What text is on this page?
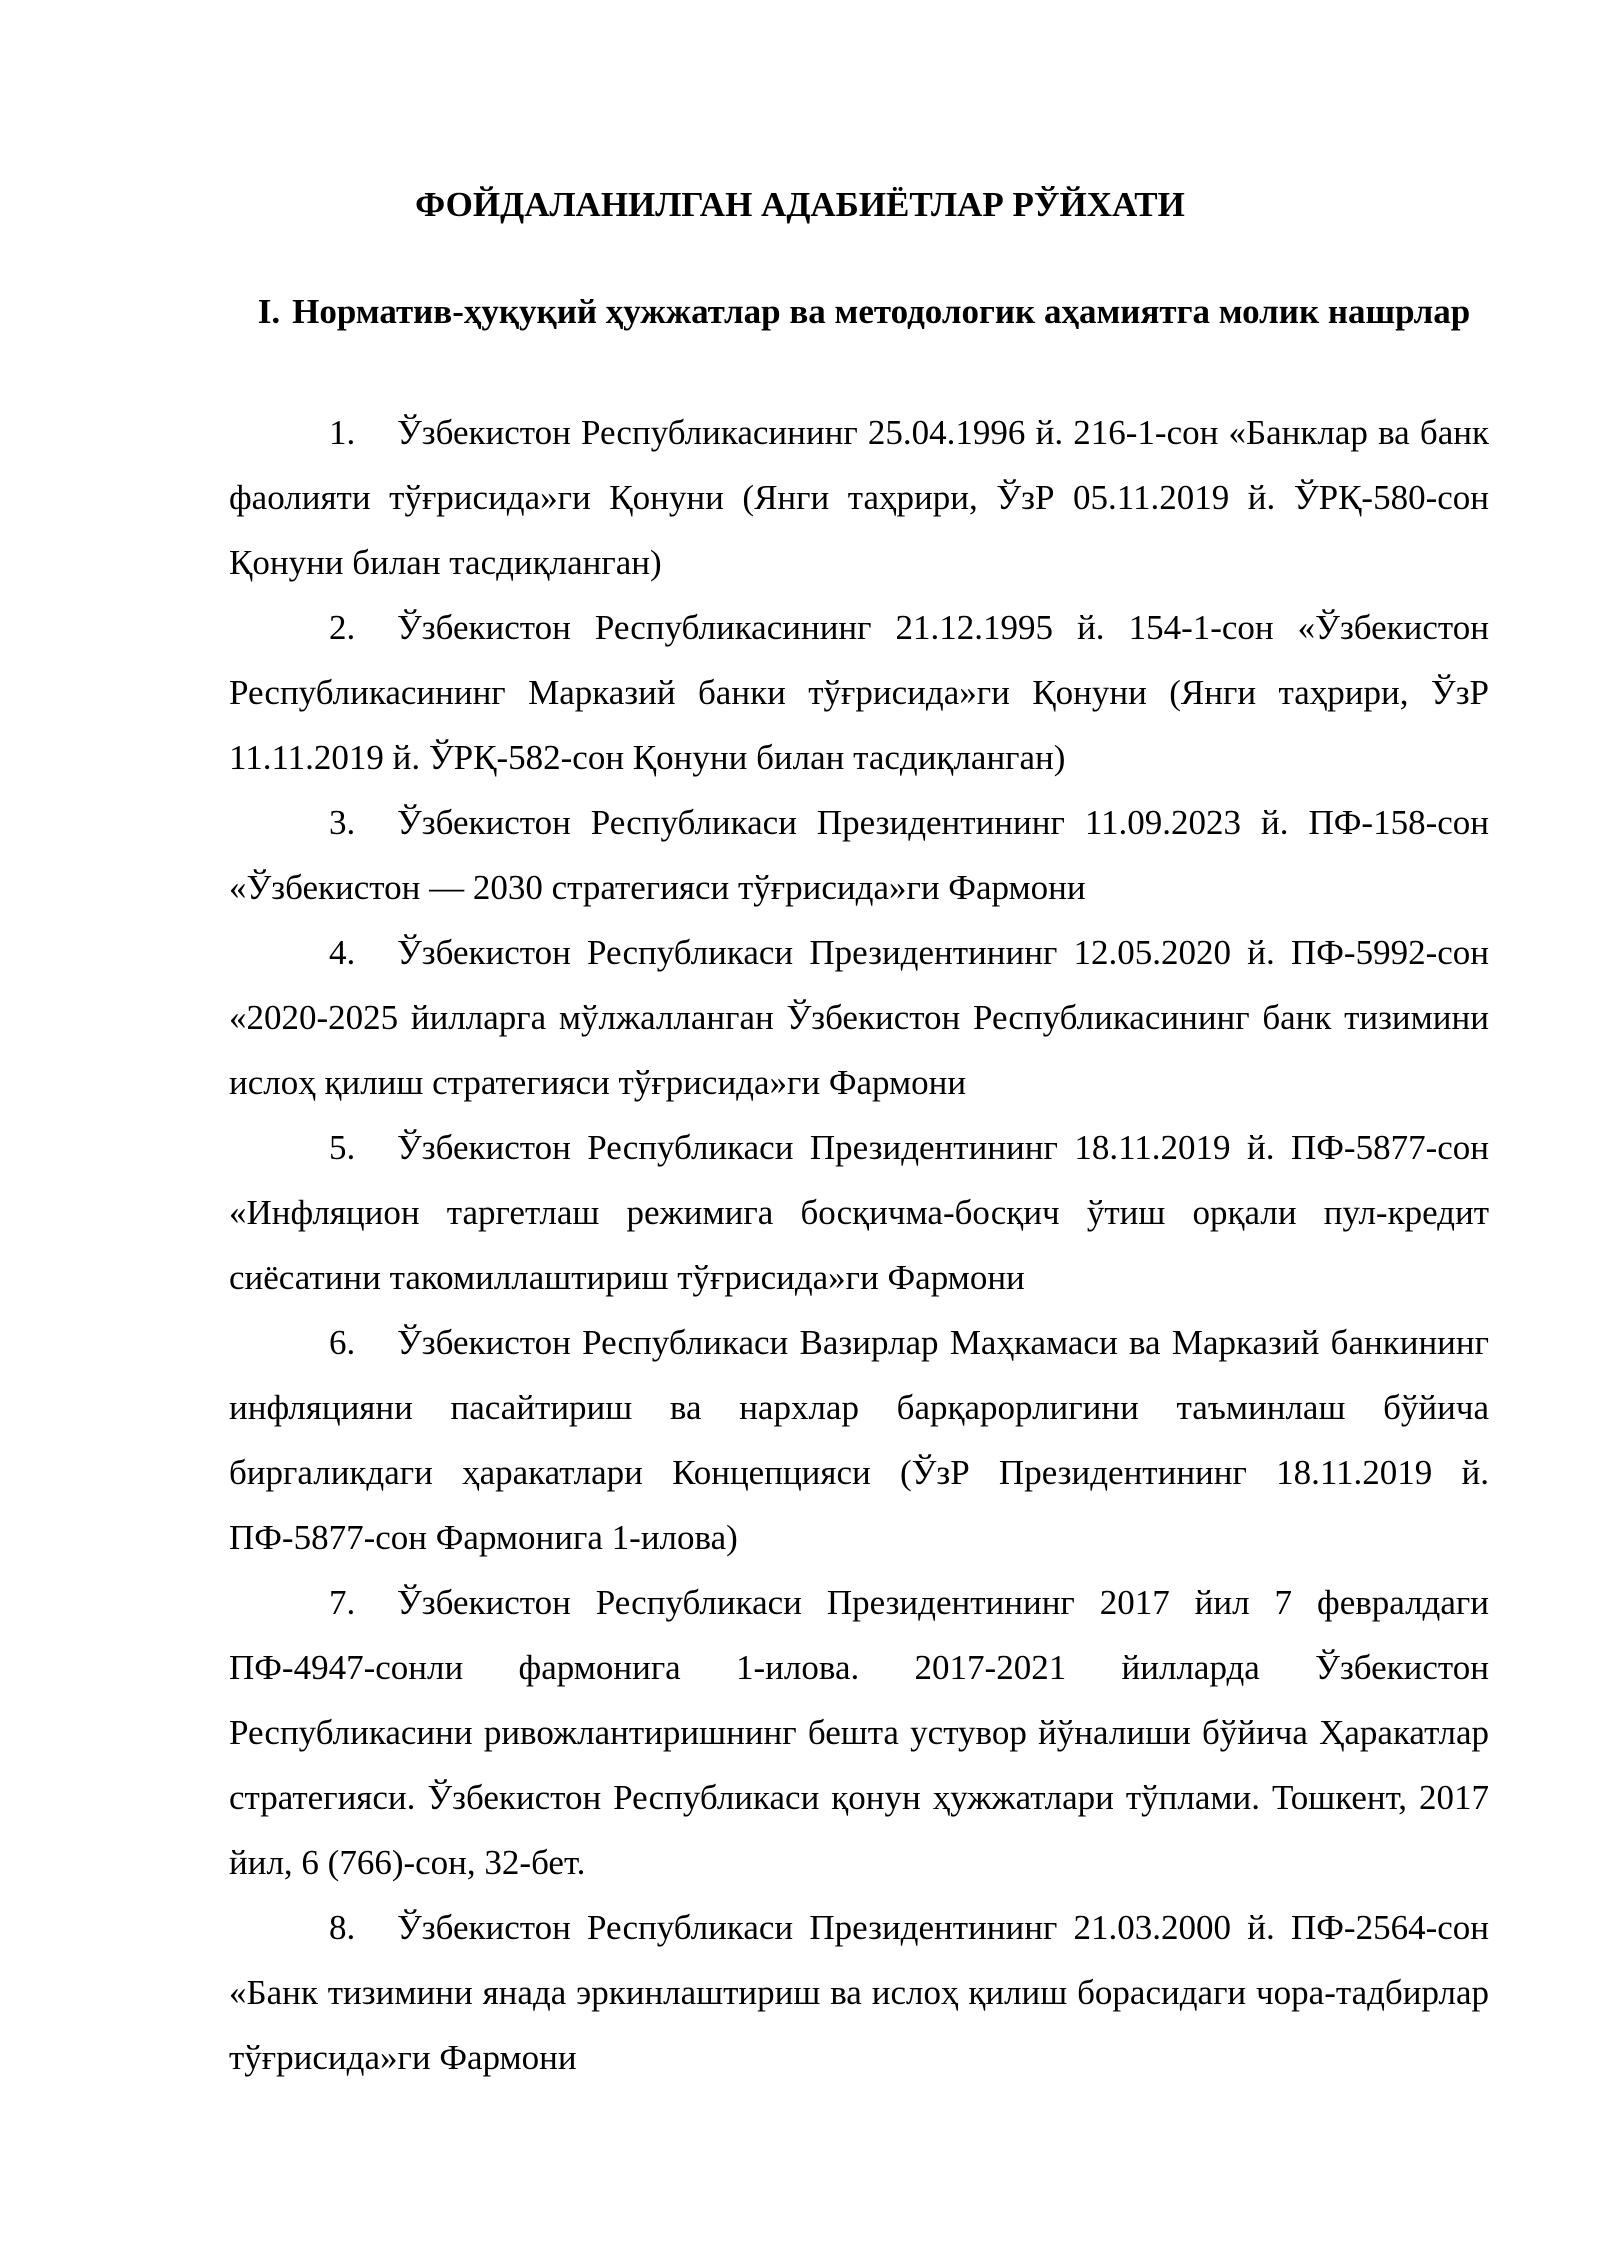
ФОЙДАЛАНИЛГАН АДАБИЁТЛАР РЎЙХАТИ
I. Норматив-ҳуқуқий ҳужжатлар ва методологик аҳамиятга молик нашрлар
1. Ўзбекистон Республикасининг 25.04.1996 й. 216-1-сон «Банклар ва банк фаолияти тўғрисида»ги Қонуни (Янги таҳрири, ЎзР 05.11.2019 й. ЎРҚ-580-сон Қонуни билан тасдиқланган)
2. Ўзбекистон Республикасининг 21.12.1995 й. 154-1-сон «Ўзбекистон Республикасининг Марказий банки тўғрисида»ги Қонуни (Янги таҳрири, ЎзР 11.11.2019 й. ЎРҚ-582-сон Қонуни билан тасдиқланган)
3. Ўзбекистон Республикаси Президентининг 11.09.2023 й. ПФ-158-сон «Ўзбекистон — 2030 стратегияси тўғрисида»ги Фармони
4. Ўзбекистон Республикаси Президентининг 12.05.2020 й. ПФ-5992-сон «2020-2025 йилларга мўлжалланган Ўзбекистон Республикасининг банк тизимини ислоҳ қилиш стратегияси тўғрисида»ги Фармони
5. Ўзбекистон Республикаси Президентининг 18.11.2019 й. ПФ-5877-сон «Инфляцион таргетлаш режимига босқичма-босқич ўтиш орқали пул-кредит сиёсатини такомиллаштириш тўғрисида»ги Фармони
6. Ўзбекистон Республикаси Вазирлар Маҳкамаси ва Марказий банкининг инфляцияни пасайтириш ва нархлар барқарорлигини таъминлаш бўйича биргаликдаги ҳаракатлари Концепцияси (ЎзР Президентининг 18.11.2019 й. ПФ-5877-сон Фармонига 1-илова)
7. Ўзбекистон Республикаси Президентининг 2017 йил 7 февралдаги ПФ-4947-сонли фармонига 1-илова. 2017-2021 йилларда Ўзбекистон Республикасини ривожлантиришнинг бешта устувор йўналиши бўйича Ҳаракатлар стратегияси. Ўзбекистон Республикаси қонун ҳужжатлари тўплами. Тошкент, 2017 йил, 6 (766)-сон, 32-бет.
8. Ўзбекистон Республикаси Президентининг 21.03.2000 й. ПФ-2564-сон «Банк тизимини янада эркинлаштириш ва ислоҳ қилиш борасидаги чора-тадбирлар тўғрисида»ги Фармони
